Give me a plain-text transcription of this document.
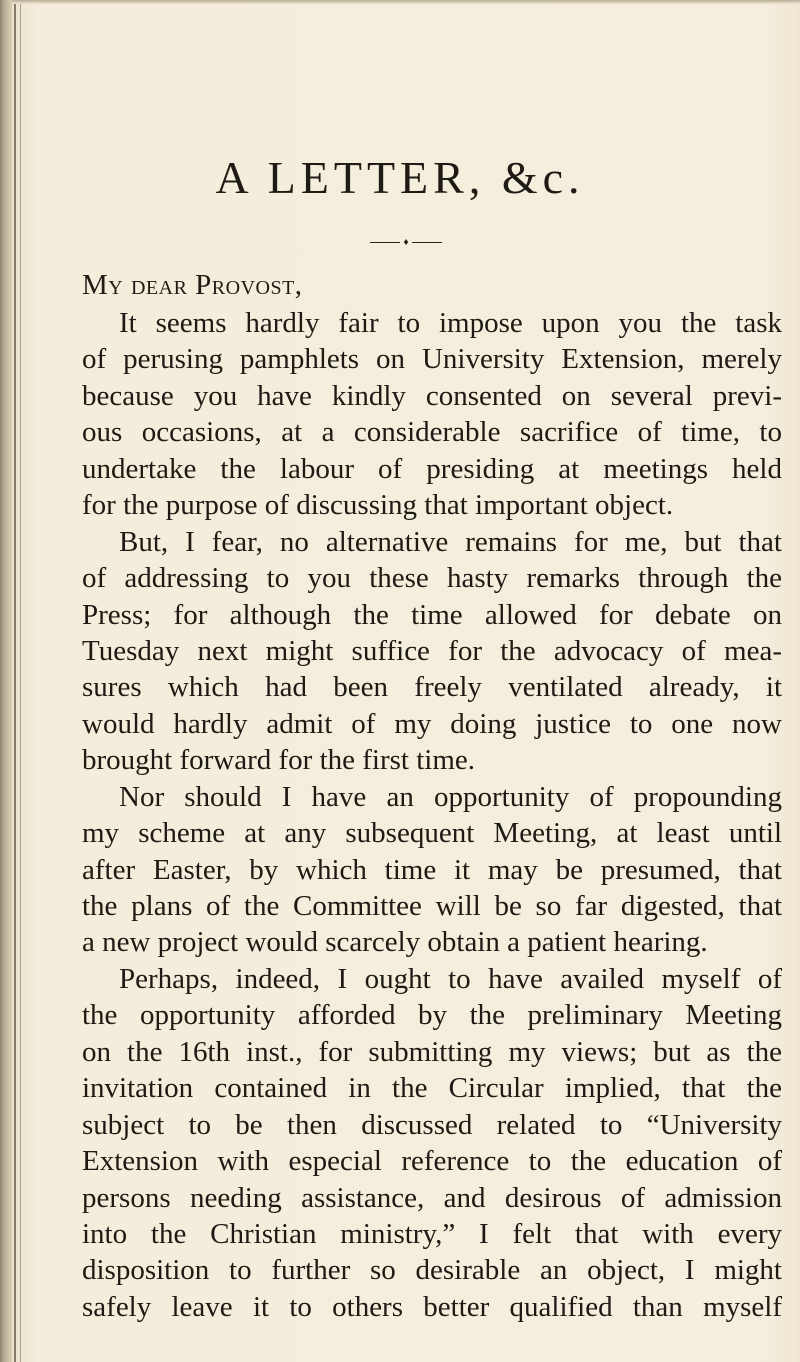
A LETTER, &c.
♦

My dear Provost,

It seems hardly fair to impose upon you the task
of perusing pamphlets on University Extension, merely
because you have kindly consented on several previ-
ous occasions, at a considerable sacrifice of time, to
undertake the labour of presiding at meetings held
for the purpose of discussing that important object.
But, I fear, no alternative remains for me, but that
of addressing to you these hasty remarks through the
Press; for although the time allowed for debate on
Tuesday next might suffice for the advocacy of mea-
sures which had been freely ventilated already, it
would hardly admit of my doing justice to one now
brought forward for the first time.
Nor should I have an opportunity of propounding
my scheme at any subsequent Meeting, at least until
after Easter, by which time it may be presumed, that
the plans of the Committee will be so far digested, that
a new project would scarcely obtain a patient hearing.
Perhaps, indeed, I ought to have availed myself of
the opportunity afforded by the preliminary Meeting
on the 16th inst., for submitting my views; but as the
invitation contained in the Circular implied, that the
subject to be then discussed related to “University
Extension with especial reference to the education of
persons needing assistance, and desirous of admission
into the Christian ministry,” I felt that with every
disposition to further so desirable an object, I might
safely leave it to others better qualified than myself
